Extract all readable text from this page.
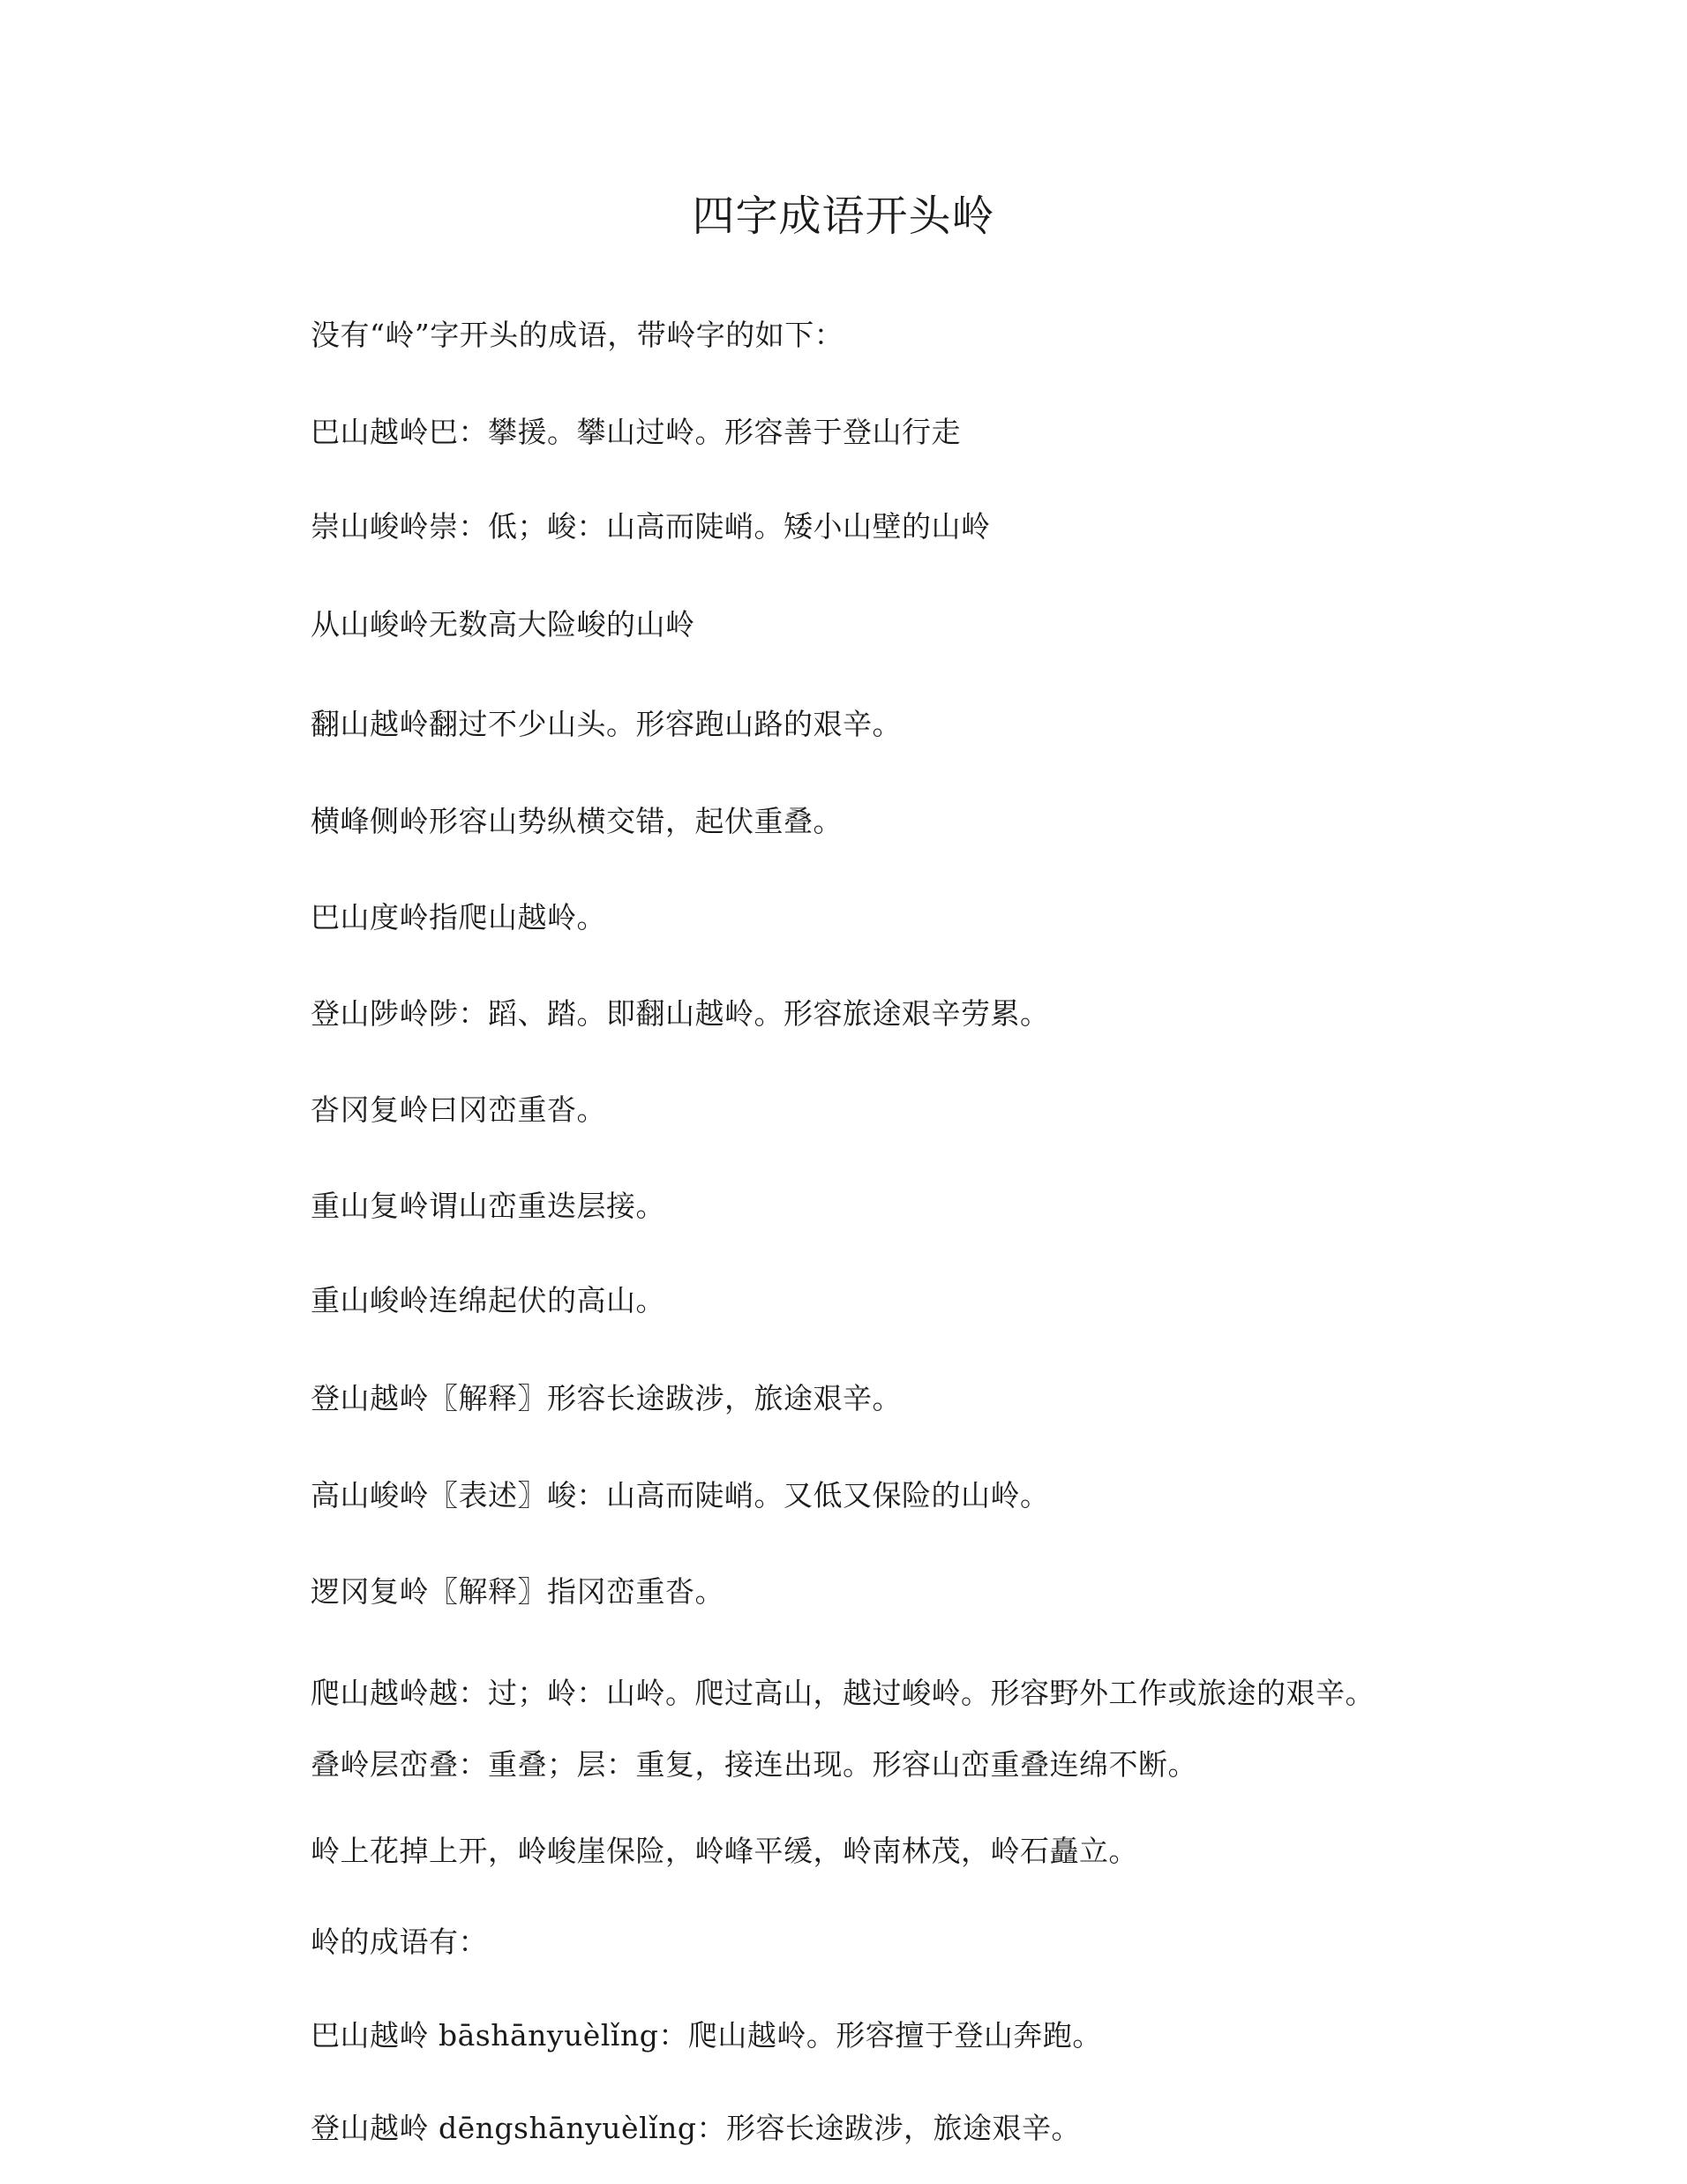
四字成语开头岭

没有“岭”字开头的成语，带岭字的如下：

巴山越岭巴：攀援。攀山过岭。形容善于登山行走

崇山峻岭崇：低；峻：山高而陡峭。矮小山壁的山岭

从山峻岭无数高大险峻的山岭

翻山越岭翻过不少山头。形容跑山路的艰辛。

横峰侧岭形容山势纵横交错，起伏重叠。

巴山度岭指爬山越岭。

登山陟岭陟：蹈、踏。即翻山越岭。形容旅途艰辛劳累。

沓冈复岭曰冈峦重沓。

重山复岭谓山峦重迭层接。

重山峻岭连绵起伏的高山。

登山越岭〖解释〗形容长途跋涉，旅途艰辛。

高山峻岭〖表述〗峻：山高而陡峭。又低又保险的山岭。

逻冈复岭〖解释〗指冈峦重沓。

爬山越岭越：过；岭：山岭。爬过高山，越过峻岭。形容野外工作或旅途的艰辛。

叠岭层峦叠：重叠；层：重复，接连出现。形容山峦重叠连绵不断。

岭上花掉上开，岭峻崖保险，岭峰平缓，岭南林茂，岭石矗立。

岭的成语有：

巴山越岭 bāshānyuèlǐng：爬山越岭。形容擅于登山奔跑。

登山越岭 dēngshānyuèlǐng：形容长途跋涉，旅途艰辛。
